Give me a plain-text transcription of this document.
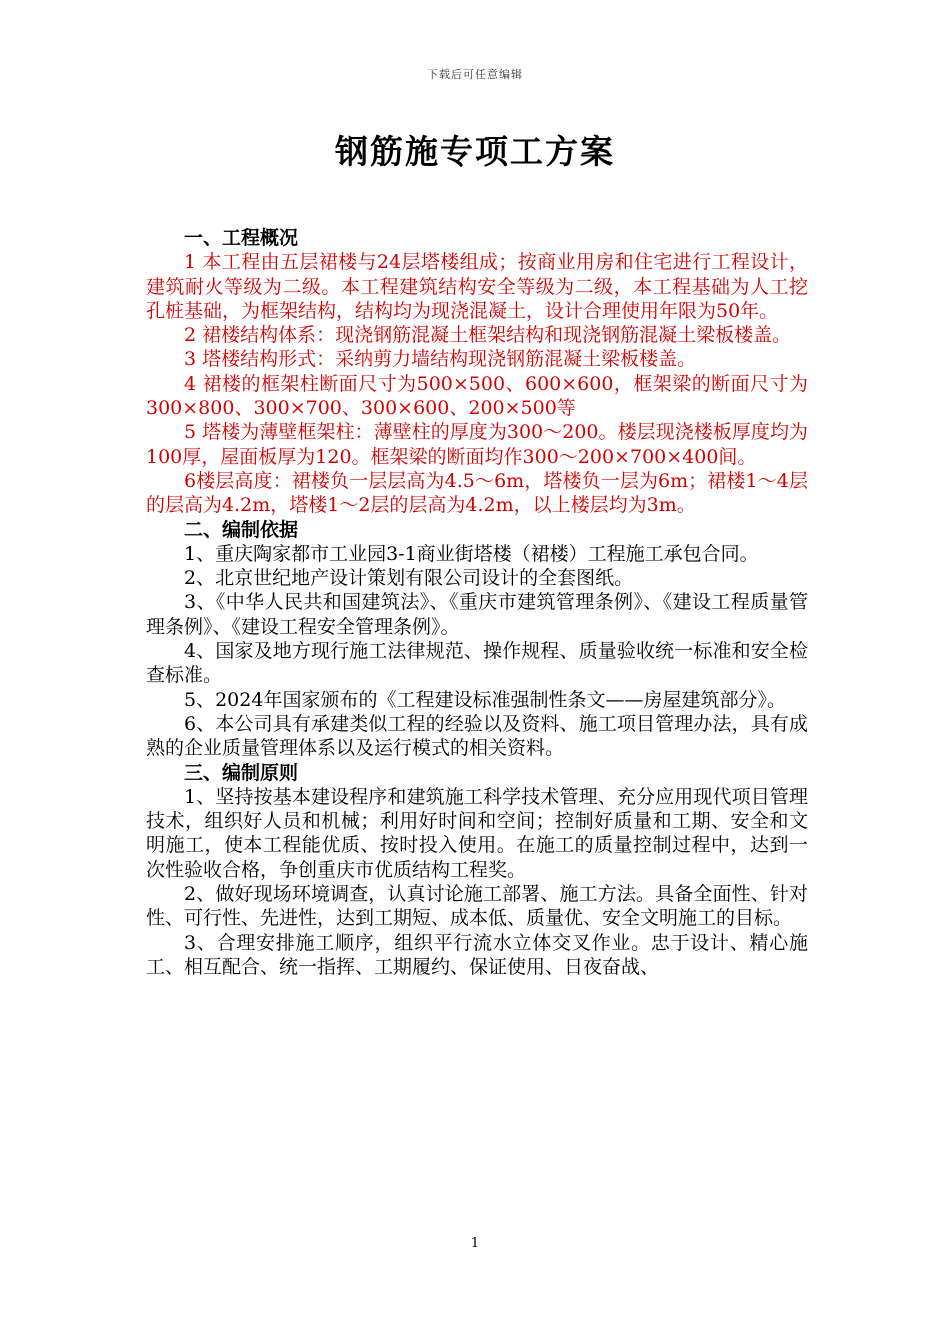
下载后可任意编辑
钢筋施专项工方案
一、工程概况

1 本工程由五层裙楼与24层塔楼组成；按商业用房和住宅进行工程设计，建筑耐火等级为二级。本工程建筑结构安全等级为二级，本工程基础为人工挖孔桩基础，为框架结构，结构均为现浇混凝土，设计合理使用年限为50年。

2 裙楼结构体系：现浇钢筋混凝土框架结构和现浇钢筋混凝土梁板楼盖。

3 塔楼结构形式：采纳剪力墙结构现浇钢筋混凝土梁板楼盖。

4 裙楼的框架柱断面尺寸为500×500、600×600，框架梁的断面尺寸为300×800、300×700、300×600、200×500等

5 塔楼为薄壁框架柱：薄壁柱的厚度为300～200。楼层现浇楼板厚度均为100厚，屋面板厚为120。框架梁的断面均作300～200×700×400间。

6楼层高度：裙楼负一层层高为4.5～6m，塔楼负一层为6m；裙楼1～4层的层高为4.2m，塔楼1～2层的层高为4.2m，以上楼层均为3m。

二、编制依据

1、重庆陶家都市工业园3-1商业街塔楼（裙楼）工程施工承包合同。

2、北京世纪地产设计策划有限公司设计的全套图纸。

3、《中华人民共和国建筑法》、《重庆市建筑管理条例》、《建设工程质量管理条例》、《建设工程安全管理条例》。

4、国家及地方现行施工法律规范、操作规程、质量验收统一标准和安全检查标准。

5、2024年国家颁布的《工程建设标准强制性条文——房屋建筑部分》。

6、本公司具有承建类似工程的经验以及资料、施工项目管理办法，具有成熟的企业质量管理体系以及运行模式的相关资料。

三、编制原则

1、坚持按基本建设程序和建筑施工科学技术管理、充分应用现代项目管理技术，组织好人员和机械；利用好时间和空间；控制好质量和工期、安全和文明施工，使本工程能优质、按时投入使用。在施工的质量控制过程中，达到一次性验收合格，争创重庆市优质结构工程奖。

2、做好现场环境调查，认真讨论施工部署、施工方法。具备全面性、针对性、可行性、先进性，达到工期短、成本低、质量优、安全文明施工的目标。

3、合理安排施工顺序，组织平行流水立体交叉作业。忠于设计、精心施工、相互配合、统一指挥、工期履约、保证使用、日夜奋战、

1
